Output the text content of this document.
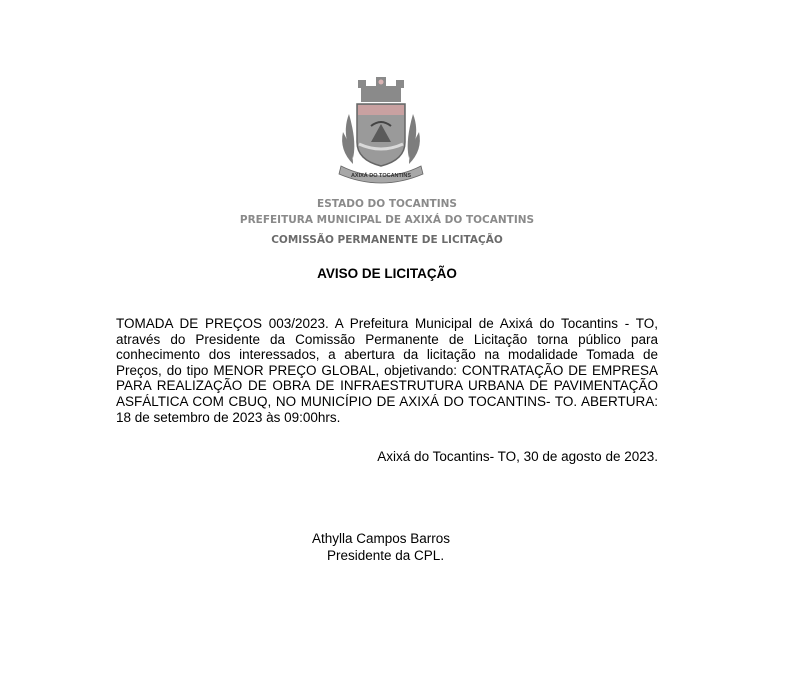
AXIXÁ DO TOCANTINS
ESTADO DO TOCANTINS
PREFEITURA MUNICIPAL DE AXIXÁ DO TOCANTINS
COMISSÃO PERMANENTE DE LICITAÇÃO
AVISO DE LICITAÇÃO
TOMADA DE PREÇOS 003/2023. A Prefeitura Municipal de Axixá do Tocantins - TO, através do Presidente da Comissão Permanente de Licitação torna público para conhecimento dos interessados, a abertura da licitação na modalidade Tomada de Preços, do tipo MENOR PREÇO GLOBAL, objetivando: CONTRATAÇÃO DE EMPRESA PARA REALIZAÇÃO DE OBRA DE INFRAESTRUTURA URBANA DE PAVIMENTAÇÃO ASFÁLTICA COM CBUQ, NO MUNICÍPIO DE AXIXÁ DO TOCANTINS- TO. ABERTURA: 18 de setembro de 2023 às 09:00hrs.
Axixá do Tocantins- TO, 30 de agosto de 2023.
Athylla Campos Barros
Presidente da CPL.
